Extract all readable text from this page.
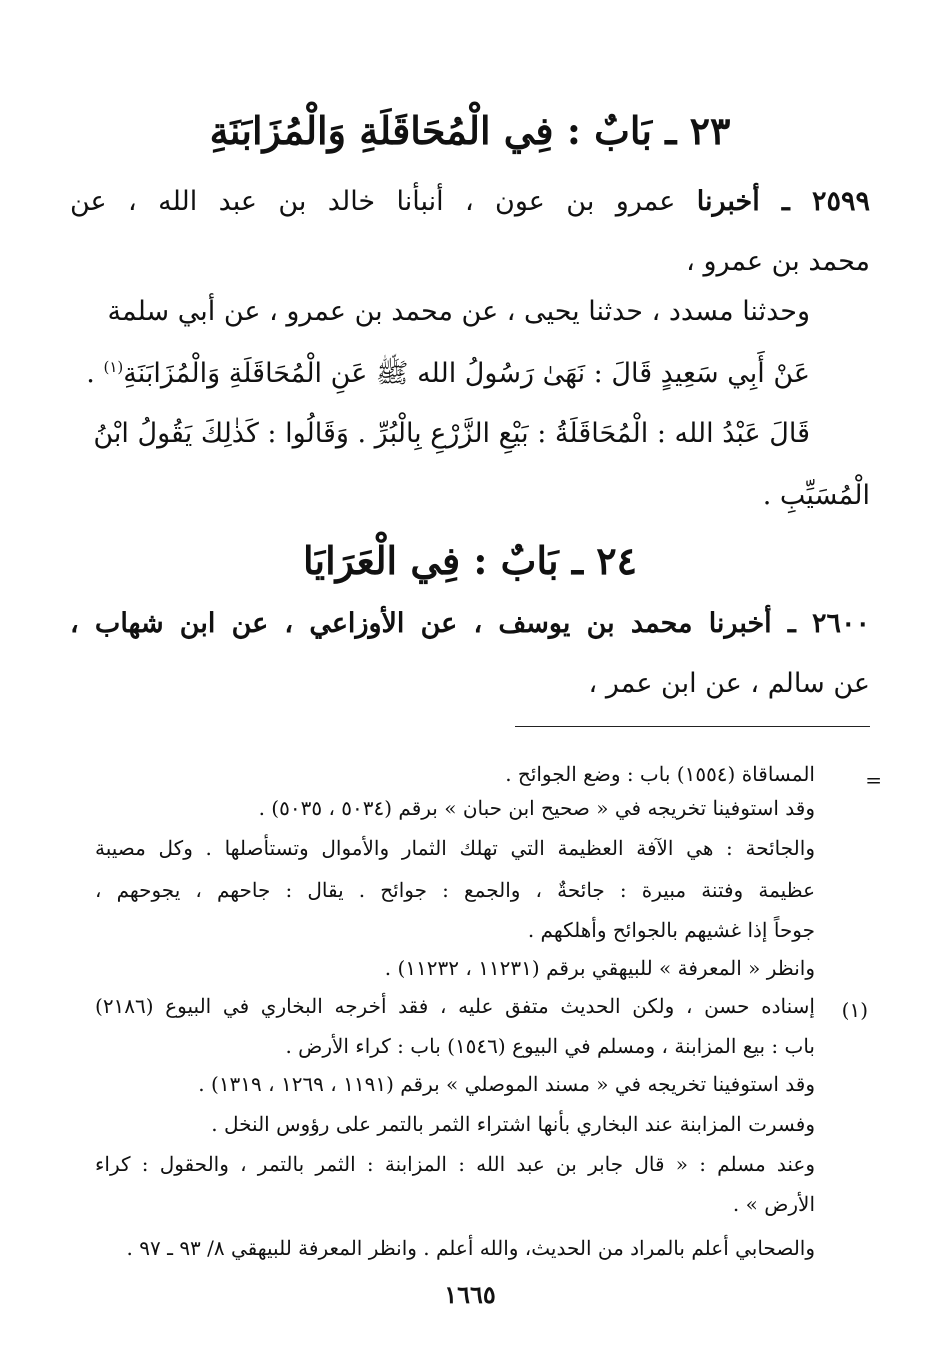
٢٣ ـ بَابٌ : فِي الْمُحَاقَلَةِ وَالْمُزَابَنَةِ
٢٥٩٩ ـ أخبرنا عمرو بن عون ، أنبأنا خالد بن عبد الله ، عن
محمد بن عمرو ،
وحدثنا مسدد ، حدثنا يحيى ، عن محمد بن عمرو ، عن أبي سلمة
عَنْ أَبِي سَعِيدٍ قَالَ : نَهَىٰ رَسُولُ الله ﷺ عَنِ الْمُحَاقَلَةِ وَالْمُزَابَنَةِ$^{(١)}$ .
قَالَ عَبْدُ الله : الْمُحَاقَلَةُ : بَيْعِ الزَّرْعِ بِالْبُرِّ . وَقَالُوا : كَذٰلِكَ يَقُولُ ابْنُ
الْمُسَيِّبِ .
٢٤ ـ بَابٌ : فِي الْعَرَايَا
٢٦٠٠ ـ أخبرنا محمد بن يوسف ، عن الأوزاعي ، عن ابن شهاب ،
عن سالم ، عن ابن عمر ،
=
المساقاة (١٥٥٤) باب : وضع الجوائح .
وقد استوفينا تخريجه في « صحيح ابن حبان » برقم (٥٠٣٤ ، ٥٠٣٥) .
والجائحة : هي الآفة العظيمة التي تهلك الثمار والأموال وتستأصلها . وكل مصيبة
عظيمة وفتنة مبيرة : جائحةٌ ، والجمع : جوائح . يقال : جاحهم ، يجوحهم ،
جوحاً إذا غشيهم بالجوائح وأهلكهم .
وانظر « المعرفة » للبيهقي برقم (١١٢٣١ ، ١١٢٣٢) .
(١)
إسناده حسن ، ولكن الحديث متفق عليه ، فقد أخرجه البخاري في البيوع (٢١٨٦)
باب : بيع المزابنة ، ومسلم في البيوع (١٥٤٦) باب : كراء الأرض .
وقد استوفينا تخريجه في « مسند الموصلي » برقم (١١٩١ ، ١٢٦٩ ، ١٣١٩) .
وفسرت المزابنة عند البخاري بأنها اشتراء الثمر بالتمر على رؤوس النخل .
وعند مسلم : « قال جابر بن عبد الله : المزابنة : الثمر بالتمر ، والحقول : كراء
الأرض » .
والصحابي أعلم بالمراد من الحديث، والله أعلم . وانظر المعرفة للبيهقي ٨/ ٩٣ ـ ٩٧ .
١٦٦٥
